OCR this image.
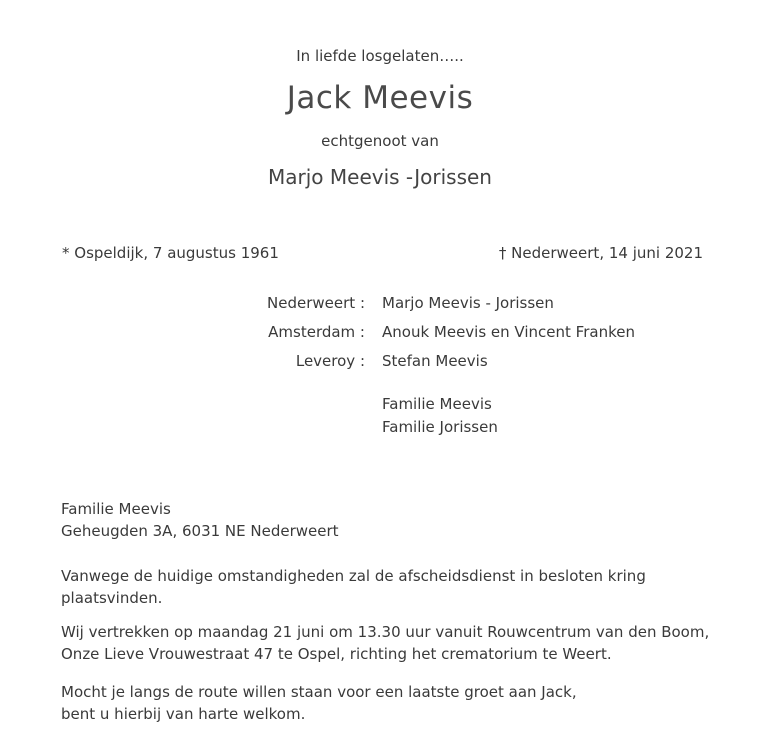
In liefde losgelaten…..
Jack Meevis
echtgenoot van
Marjo Meevis -Jorissen
* Ospeldijk, 7 augustus 1961	† Nederweert, 14 juni 2021
Nederweert : Marjo Meevis - Jorissen
Amsterdam : Anouk Meevis en Vincent Franken
Leveroy : Stefan Meevis
Familie Meevis
Familie Jorissen
Familie Meevis
Geheugden 3A, 6031 NE Nederweert
Vanwege de huidige omstandigheden zal de afscheidsdienst in besloten kring
plaatsvinden.
Wij vertrekken op maandag 21 juni om 13.30 uur vanuit Rouwcentrum van den Boom,
Onze Lieve Vrouwestraat 47 te Ospel, richting het crematorium te Weert.
Mocht je langs de route willen staan voor een laatste groet aan Jack,
bent u hierbij van harte welkom.
